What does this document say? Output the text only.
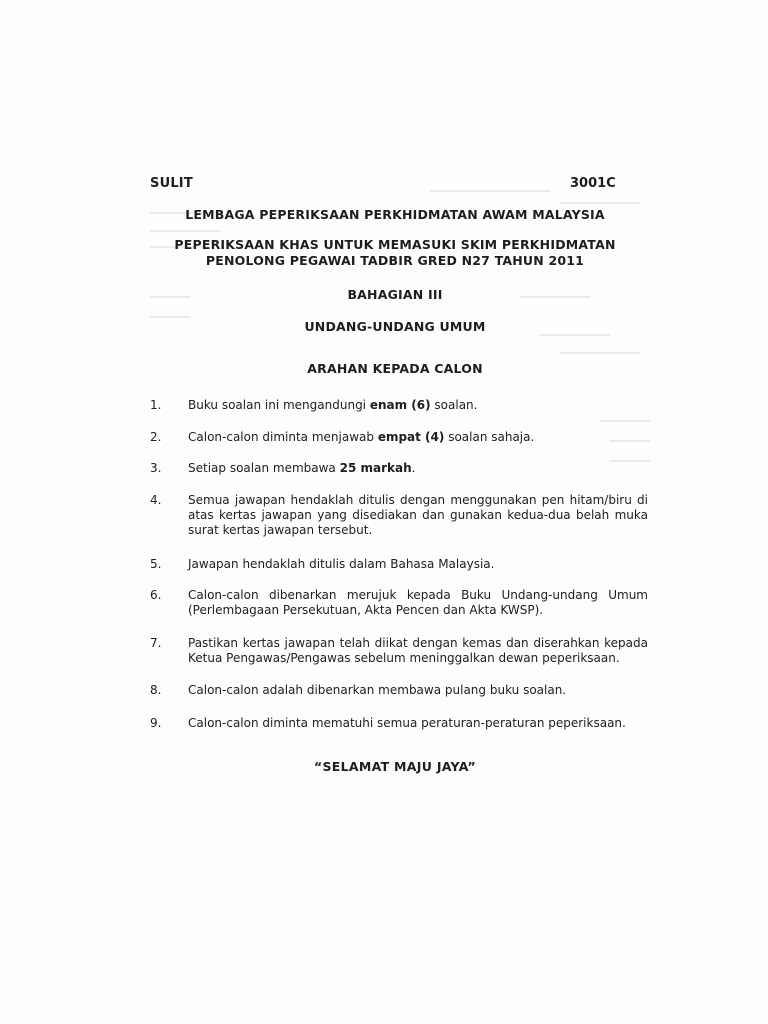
SULIT	3001C
LEMBAGA PEPERIKSAAN PERKHIDMATAN AWAM MALAYSIA
PEPERIKSAAN KHAS UNTUK MEMASUKI SKIM PERKHIDMATAN
PENOLONG PEGAWAI TADBIR GRED N27 TAHUN 2011
BAHAGIAN III
UNDANG-UNDANG UMUM
ARAHAN KEPADA CALON
1.	Buku soalan ini mengandungi enam (6) soalan.
2.	Calon-calon diminta menjawab empat (4) soalan sahaja.
3.	Setiap soalan membawa 25 markah.
4.	Semua jawapan hendaklah ditulis dengan menggunakan pen hitam/biru di atas kertas jawapan yang disediakan dan gunakan kedua-dua belah muka surat kertas jawapan tersebut.
5.	Jawapan hendaklah ditulis dalam Bahasa Malaysia.
6.	Calon-calon dibenarkan merujuk kepada Buku Undang-undang Umum (Perlembagaan Persekutuan, Akta Pencen dan Akta KWSP).
7.	Pastikan kertas jawapan telah diikat dengan kemas dan diserahkan kepada Ketua Pengawas/Pengawas sebelum meninggalkan dewan peperiksaan.
8.	Calon-calon adalah dibenarkan membawa pulang buku soalan.
9.	Calon-calon diminta mematuhi semua peraturan-peraturan peperiksaan.
“SELAMAT MAJU JAYA”
